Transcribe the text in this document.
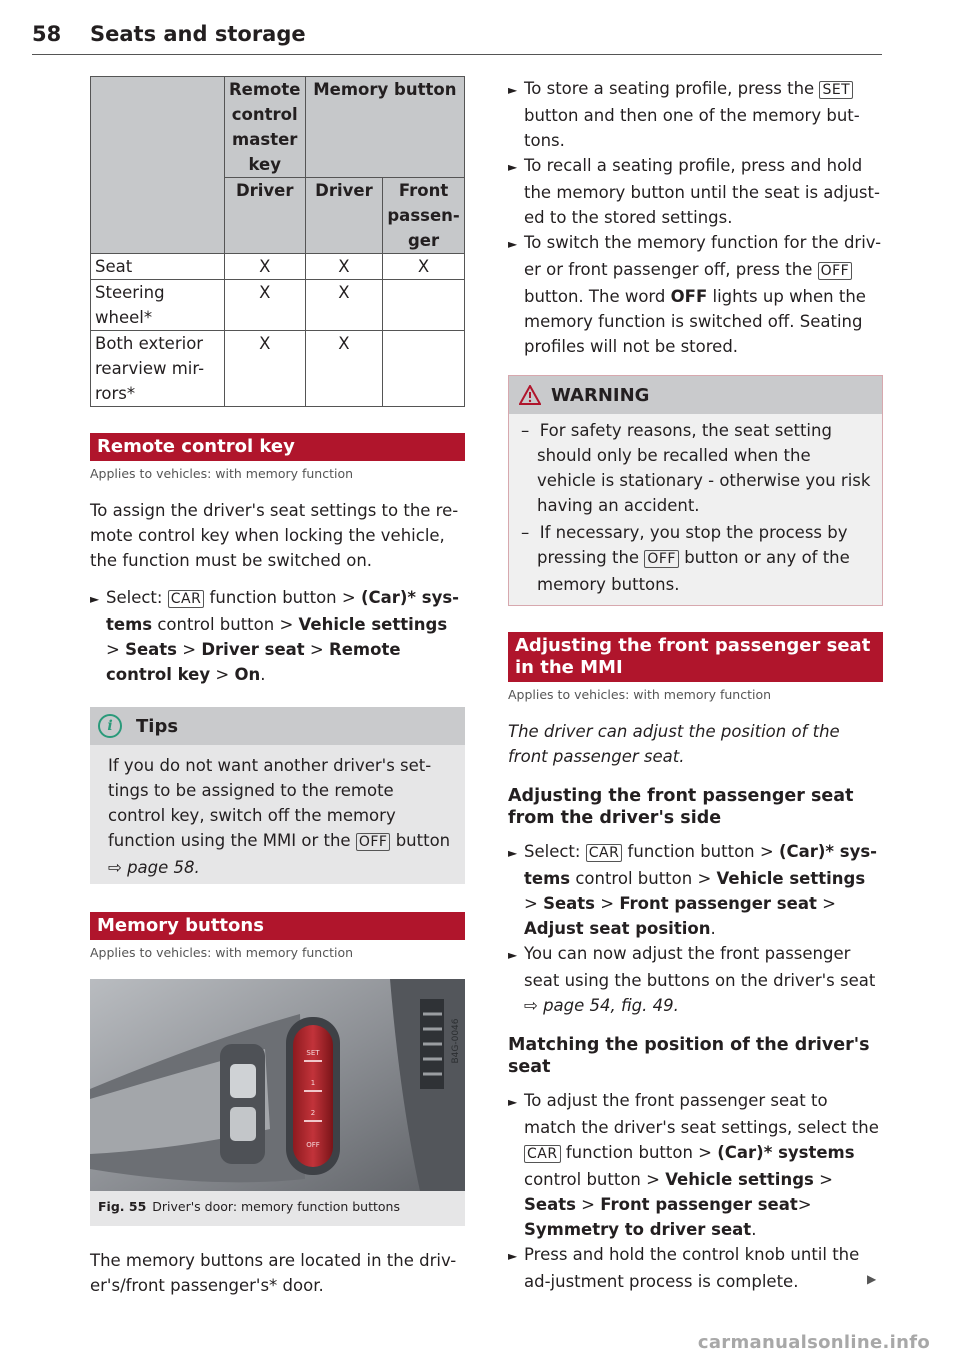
58 Seats and storage
	Remote control master key	Memory button	
	Driver	Driver	Front passen-ger
Seat	X	X	X
Steering wheel*	X	X	
Both exterior rearview mir-rors*	X	X	
Remote control key
Applies to vehicles: with memory function

To assign the driver's seat settings to the re-mote control key when locking the vehicle, the function must be switched on.

► Select: CAR function button > (Car)* sys-tems control button > Vehicle settings > Seats > Driver seat > Remote control key > On.
i	Tips
If you do not want another driver's set-tings to be assigned to the remote control key, switch off the memory function using the MMI or the OFF button ⇨ page 58.
Memory buttons
Applies to vehicles: with memory function
SET
1
2
OFF
B4G-0046
Fig. 55 Driver's door: memory function buttons

The memory buttons are located in the driv-er's/front passenger's* door.

► To store a seating profile, press the SET button and then one of the memory but-tons.
► To recall a seating profile, press and hold the memory button until the seat is adjust-ed to the stored settings.
► To switch the memory function for the driv-er or front passenger off, press the OFF button. The word OFF lights up when the memory function is switched off. Seating profiles will not be stored.
WARNING
–  For safety reasons, the seat setting should only be recalled when the vehicle is stationary - otherwise you risk having an accident.
–  If necessary, you stop the process by pressing the OFF button or any of the memory buttons.
Adjusting the front passenger seat in the MMI
Applies to vehicles: with memory function

The driver can adjust the position of the front passenger seat.

Adjusting the front passenger seat from the driver's side
► Select: CAR function button > (Car)* sys-tems control button > Vehicle settings > Seats > Front passenger seat > Adjust seat position.
► You can now adjust the front passenger seat using the buttons on the driver's seat ⇨ page 54, fig. 49.
Matching the position of the driver's seat
► To adjust the front passenger seat to match the driver's seat settings, select the CAR function button > (Car)* systems control button > Vehicle settings > Seats > Front passenger seat> Symmetry to driver seat.
► Press and hold the control knob until the ad-justment process is complete.	▶
carmanualsonline.info
